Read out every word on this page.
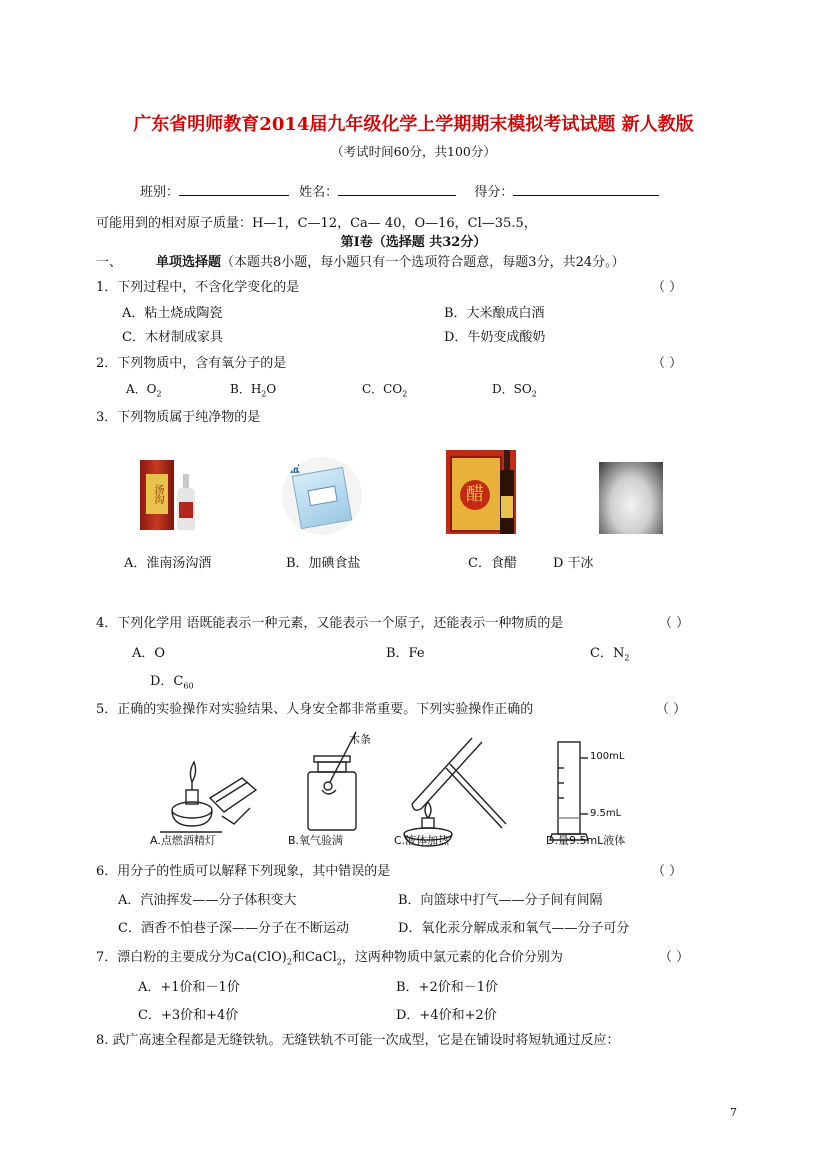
广东省明师教育2014届九年级化学上学期期末模拟考试试题 新人教版
（考试时间60分，共100分）
班别：	姓名：	得分：
可能用到的相对原子质量：H—1，C—12，Ca— 40，O—16，Cl—35.5，
第Ⅰ卷（选择题 共32分）
一、	单项选择题（本题共8小题，每小题只有一个选项符合题意，每题3分，共24分。）
1．下列过程中，不含化学变化的是	（ ）
A．粘土烧成陶瓷	B．大米酿成白酒
C．木材制成家具	D．牛奶变成酸奶
2．下列物质中，含有氧分子的是	（ ）
A．$O_2$	B．$H_2O$	C．$CO_2$	D．$SO_2$
3．下列物质属于纯净物的是
汤沟
盐
醋
A．淮南汤沟酒	B．加碘食盐	C．食醋	D 干冰
4．下列化学用 语既能表示一种元素，又能表示一个原子，还能表示一种物质的是	（ ）
A．O	B．Fe	C．$N_2$
D．$C_{60}$
5．正确的实验操作对实验结果、人身安全都非常重要。下列实验操作正确的	（ ）
木条
100mL
9.5mL
A.点燃酒精灯	B.氧气验满	C.液体加热	D.量9.5mL液体
6．用分子的性质可以解释下列现象，其中错误的是	（ ）
A．汽油挥发——分子体积变大	B．向篮球中打气——分子间有间隔
C．酒香不怕巷子深——分子在不断运动	D．氧化汞分解成汞和氧气——分子可分
7．漂白粉的主要成分为$Ca(ClO)_2$和CaCl$_2$，这两种物质中氯元素的化合价分别为	（ ）
A．+1价和－1价	B．+2价和－1价
C．+3价和+4价	D．+4价和+2价
8. 武广高速全程都是无缝铁轨。无缝铁轨不可能一次成型，它是在铺设时将短轨通过反应：
7
